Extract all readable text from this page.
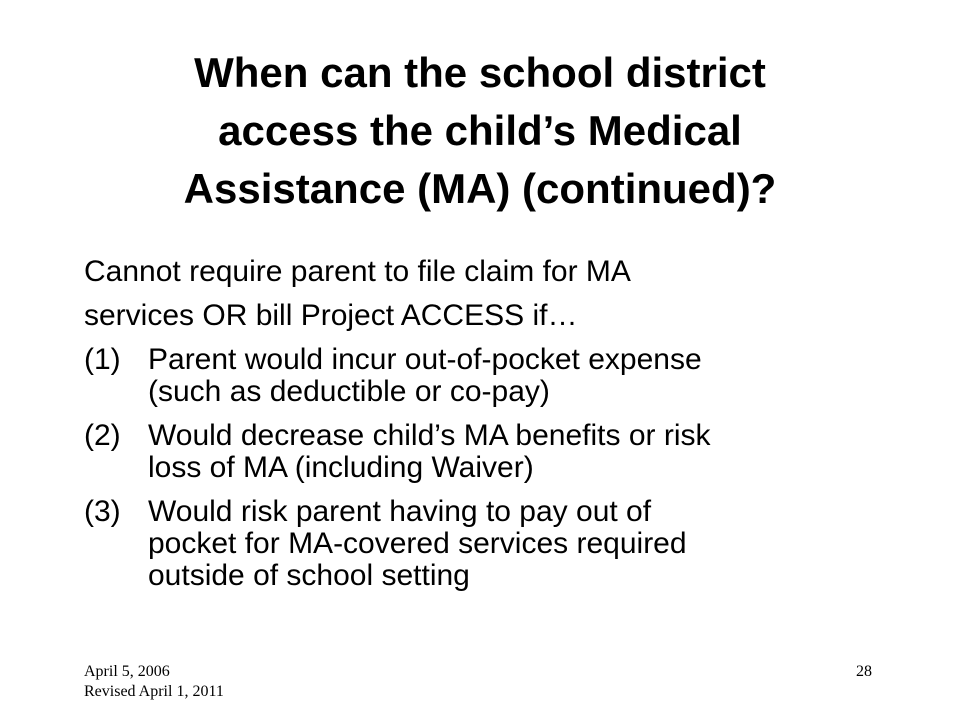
When can the school district
access the child’s Medical
Assistance (MA) (continued)?

Cannot require parent to file claim for MA
services OR bill Project ACCESS if…

(1) Parent would incur out-of-pocket expense
(such as deductible or co-pay)
(2) Would decrease child’s MA benefits or risk
loss of MA (including Waiver)
(3) Would risk parent having to pay out of
pocket for MA-covered services required
outside of school setting
April 5, 2006
Revised April 1, 2011
28
